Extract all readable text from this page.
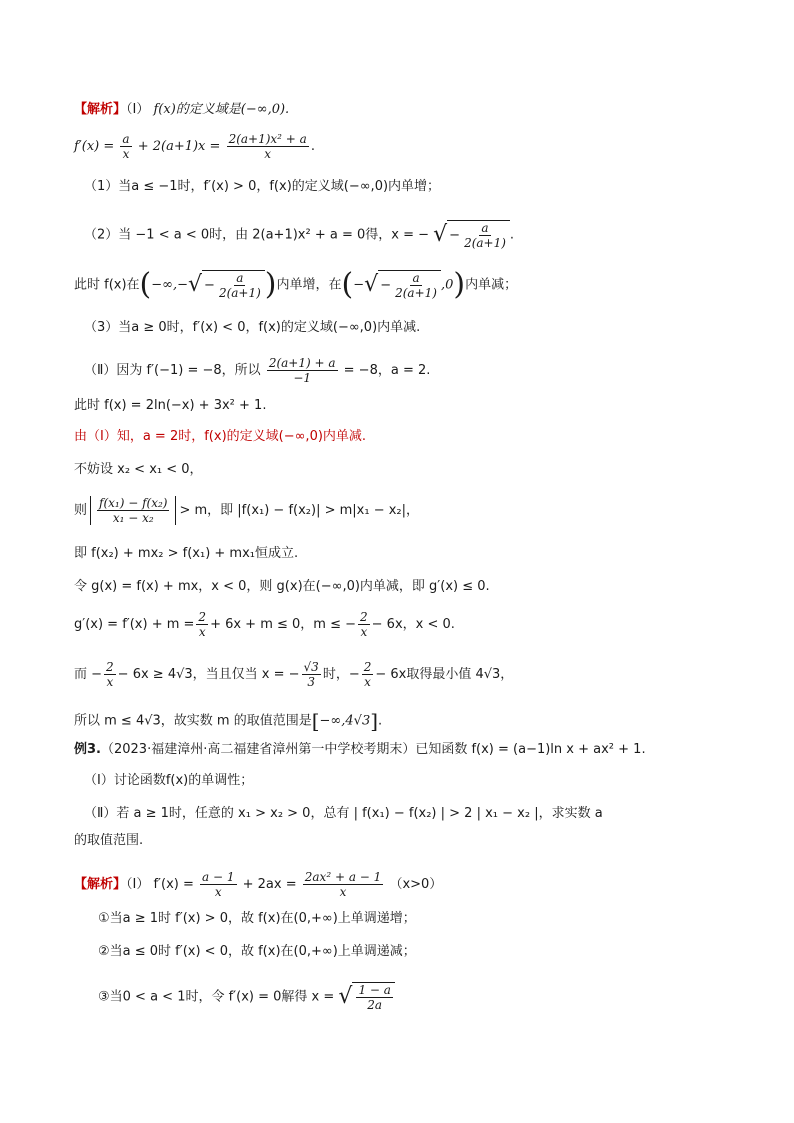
【解析】（Ⅰ） f(x)的定义域是(−∞,0).
$f'(x) = \frac{a}{x} + 2(a+1)x = \frac{\text{2(a+1)x² + a}}{x}$ .
（1）当a ≤ −1时，f′(x) > 0，f(x)的定义域(−∞,0)内单增；
（2）当 −1 < a < 0时，由 2(a+1)x² + a = 0得，x = − √ − $\frac{a}{2(a+1)}$ .
此时 f(x)在(−∞,− √ − $\frac{a}{2(a+1)}$ )内单增，在(− √ − $\frac{a}{2(a+1)} ,0$)内单减；
（3）当a ≥ 0时，f′(x) < 0，f(x)的定义域(−∞,0)内单减.
（Ⅱ）因为 f′(−1) = −8，所以 $\frac{2(a+1) + a}{-1} = -8$，a = 2.
此时 f(x) = 2ln(−x) + 3x² + 1.
由（Ⅰ）知，a = 2时，f(x)的定义域(−∞,0)内单减.
不妨设 x₂ < x₁ < 0，
则 $\frac{\text{f(x₁) − f(x₂)}}{\text{x₁ − x₂}} > m$，即 |f(x₁) − f(x₂)| > m|x₁ − x₂|，
即 f(x₂) + mx₂ > f(x₁) + mx₁恒成立.
令 g(x) = f(x) + mx，x < 0，则 g(x)在(−∞,0)内单减，即 g′(x) ≤ 0.
$g'(x) = f'(x) + m = \frac{2}{x} + 6x + m \le 0$，m ≤ − $\frac{2}{x} - 6x$，x < 0.
而 − $\frac{2}{x} - 6x \ge 4√3$，当且仅当 x = − $\frac{√3}{3}$ 时，− $\frac{2}{x} - 6x$取得最小值 4√3，
所以 m ≤ 4√3，故实数 m 的取值范围是[−∞,4√3].
例3.（2023·福建漳州·高二福建省漳州第一中学校考期末）已知函数 f(x) = (a−1)ln x + ax² + 1.
（Ⅰ）讨论函数f(x)的单调性；
（Ⅱ）若 a ≥ 1时，任意的 x₁ > x₂ > 0，总有 | f(x₁) − f(x₂) | > 2 | x₁ − x₂ |，求实数 a
的取值范围.
【解析】（Ⅰ） $f'(x) = \frac{a - 1}{x} + 2ax = \frac{\text{2ax² + a − 1}}{x} (x>0)$
①当a ≥ 1时 f′(x) > 0，故 f(x)在(0,+∞)上单调递增；
②当a ≤ 0时 f′(x) < 0，故 f(x)在(0,+∞)上单调递减；
③当0 < a < 1时，令 f′(x) = 0解得 x = √ $\frac{1 - a}{2a}$
